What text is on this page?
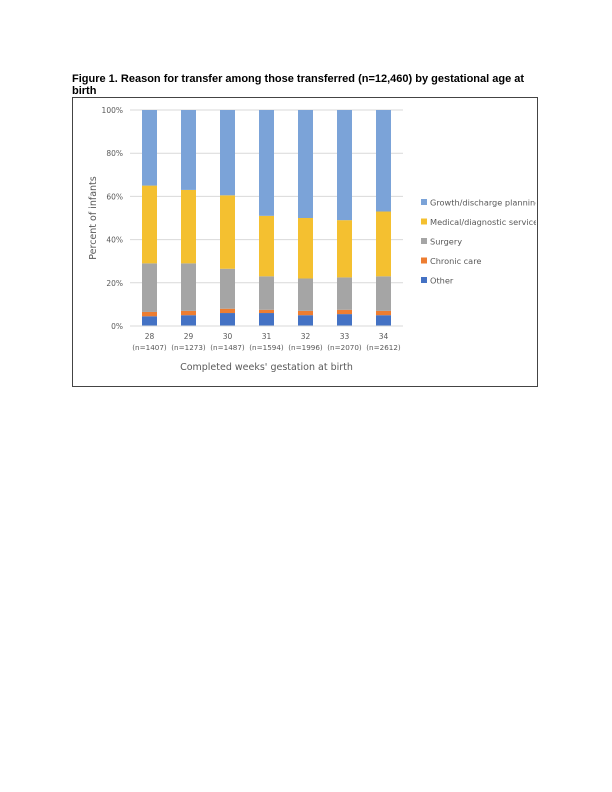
Figure 1. Reason for transfer among those transferred (n=12,460) by gestational age at birth
0%
20%
40%
60%
80%
100%
Percent of infants
28
(n=1407)
29
(n=1273)
30
(n=1487)
31
(n=1594)
32
(n=1996)
33
(n=2070)
34
(n=2612)
Completed weeks' gestation at birth
Growth/discharge planning
Medical/diagnostic services
Surgery
Chronic care
Other
